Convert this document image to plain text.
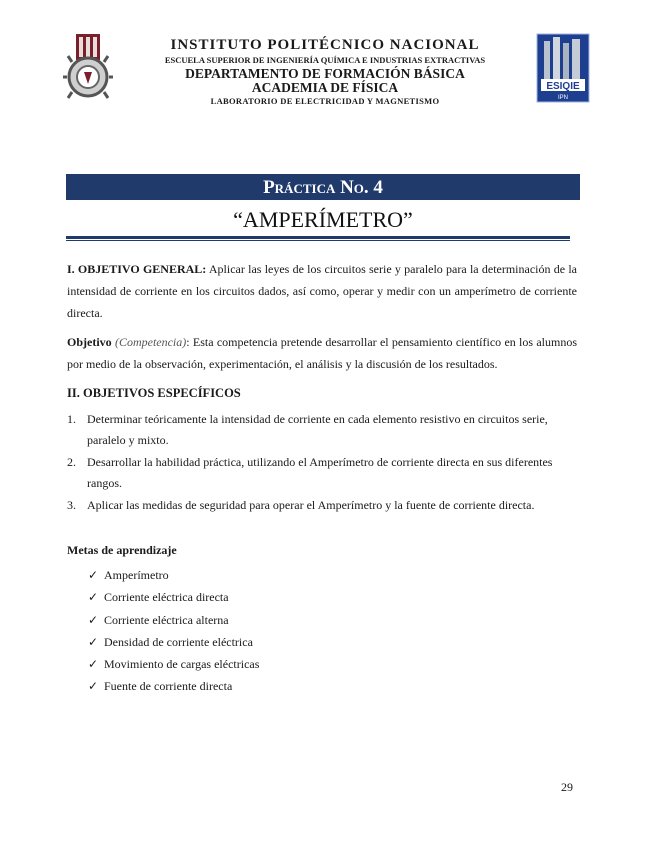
ESIQIE
IPN
INSTITUTO POLITÉCNICO NACIONAL
ESCUELA SUPERIOR DE INGENIERÍA QUÍMICA E INDUSTRIAS EXTRACTIVAS
DEPARTAMENTO DE FORMACIÓN BÁSICA
ACADEMIA DE FÍSICA
LABORATORIO DE ELECTRICIDAD Y MAGNETISMO
Práctica No. 4
“AMPERÍMETRO”
I. OBJETIVO GENERAL: Aplicar las leyes de los circuitos serie y paralelo para la determinación de la intensidad de corriente en los circuitos dados, así como, operar y medir con un amperímetro de corriente directa.
Objetivo (Competencia): Esta competencia pretende desarrollar el pensamiento científico en los alumnos por medio de la observación, experimentación, el análisis y la discusión de los resultados.
II. OBJETIVOS ESPECÍFICOS
1. Determinar teóricamente la intensidad de corriente en cada elemento resistivo en circuitos serie, paralelo y mixto.
2. Desarrollar la habilidad práctica, utilizando el Amperímetro de corriente directa en sus diferentes rangos.
3. Aplicar las medidas de seguridad para operar el Amperímetro y la fuente de corriente directa.
Metas de aprendizaje
✓ Amperímetro
✓ Corriente eléctrica directa
✓ Corriente eléctrica alterna
✓ Densidad de corriente eléctrica
✓ Movimiento de cargas eléctricas
✓ Fuente de corriente directa
29
